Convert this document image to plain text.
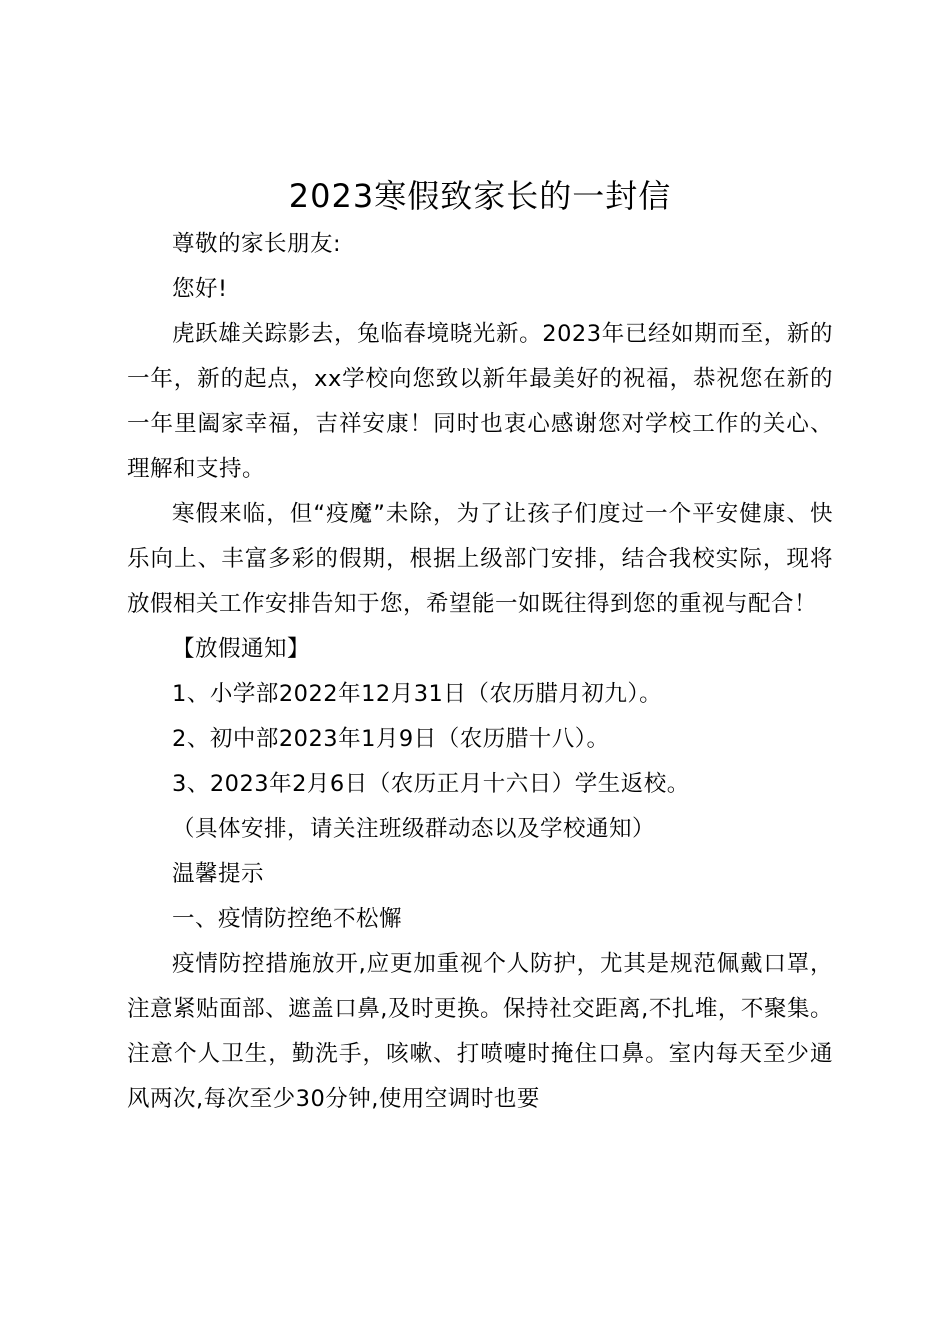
2023寒假致家长的一封信

尊敬的家长朋友:

您好!

虎跃雄关踪影去，兔临春境晓光新。2023年已经如期而至，新的一年，新的起点，xx学校向您致以新年最美好的祝福，恭祝您在新的一年里阖家幸福，吉祥安康！同时也衷心感谢您对学校工作的关心、理解和支持。

寒假来临，但“疫魔”未除，为了让孩子们度过一个平安健康、快乐向上、丰富多彩的假期，根据上级部门安排，结合我校实际，现将放假相关工作安排告知于您，希望能一如既往得到您的重视与配合！

【放假通知】

1、小学部2022年12月31日（农历腊月初九）。

2、初中部2023年1月9日（农历腊十八）。

3、2023年2月6日（农历正月十六日）学生返校。

（具体安排，请关注班级群动态以及学校通知）

温馨提示

一、疫情防控绝不松懈

疫情防控措施放开,应更加重视个人防护，尤其是规范佩戴口罩，注意紧贴面部、遮盖口鼻,及时更换。保持社交距离,不扎堆，不聚集。注意个人卫生，勤洗手，咳嗽、打喷嚏时掩住口鼻。室内每天至少通风两次,每次至少30分钟,使用空调时也要
